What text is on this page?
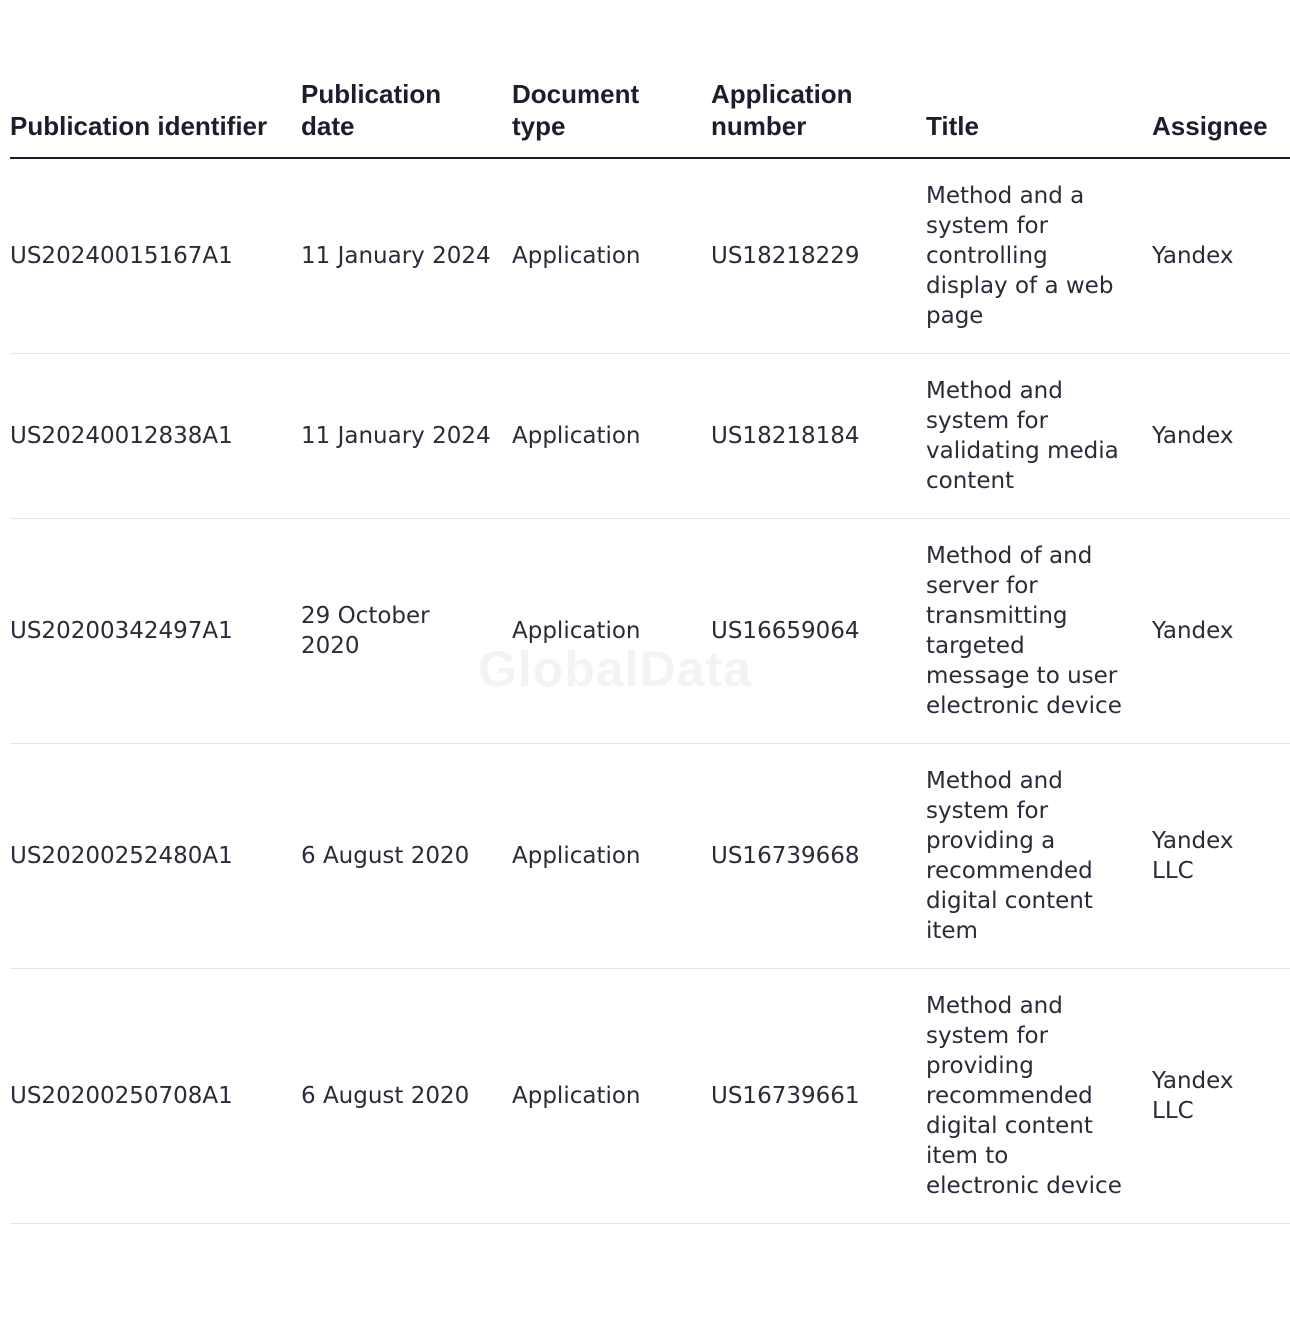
Publication identifier	Publication date	Document type	Application number	Title	Assignee
US20240015167A1	11 January 2024	Application	US18218229	Method and a system for controlling display of a web page	Yandex
US20240012838A1	11 January 2024	Application	US18218184	Method and system for validating media content	Yandex
US20200342497A1	29 October 2020	Application	US16659064	Method of and server for transmitting targeted message to user electronic device	Yandex
US20200252480A1	6 August 2020	Application	US16739668	Method and system for providing a recommended digital content item	Yandex LLC
US20200250708A1	6 August 2020	Application	US16739661	Method and system for providing recommended digital content item to electronic device	Yandex LLC
GlobalData
